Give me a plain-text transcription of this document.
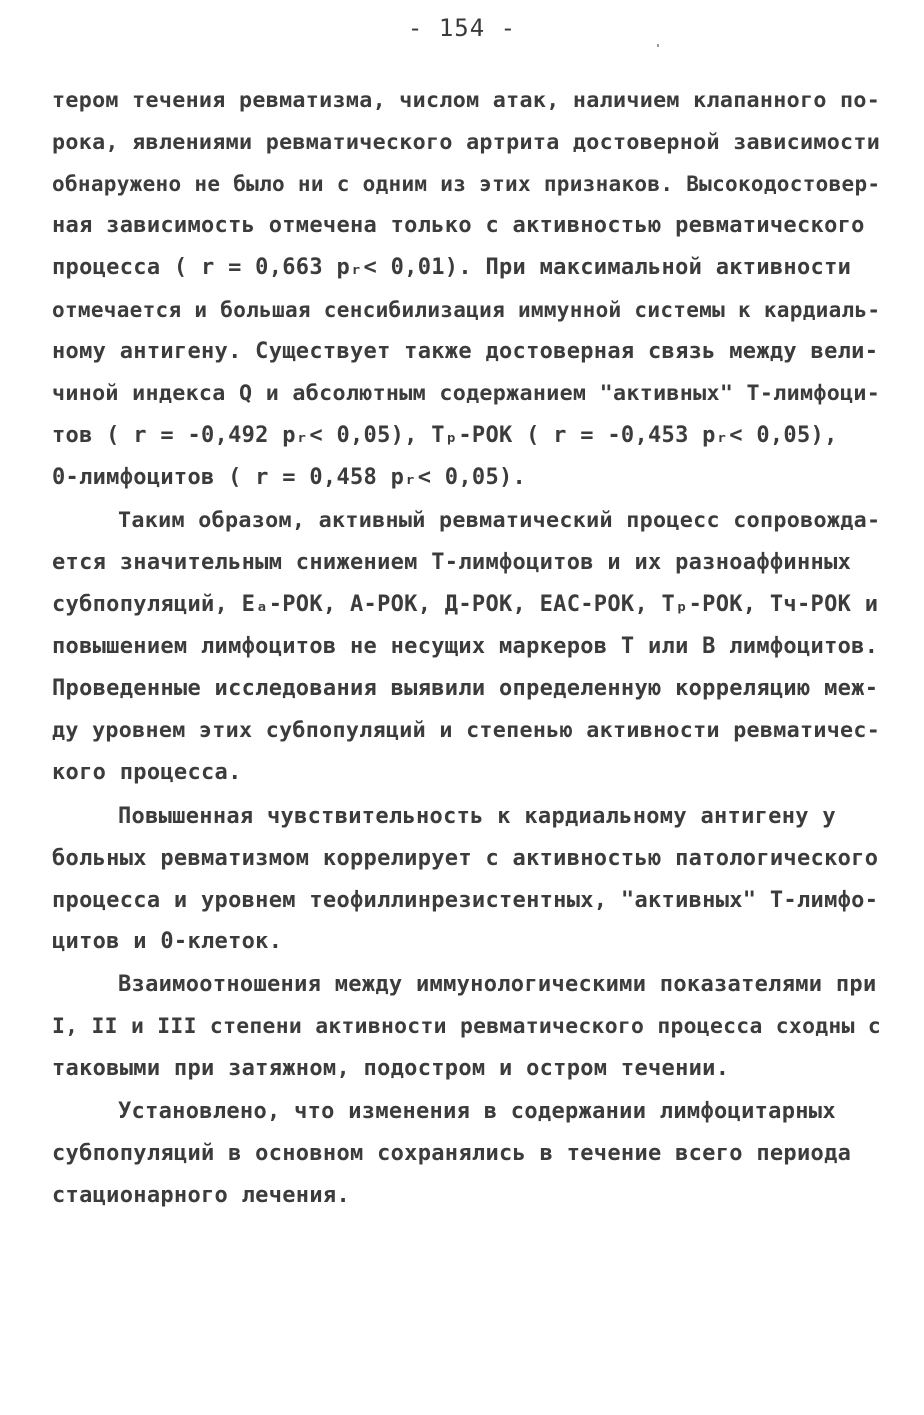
- 154 -
тером течения ревматизма, числом атак, наличием клапанного по-
рока, явлениями ревматического артрита достоверной зависимости
обнаружено не было ни с одним из этих признаков. Высокодостовер-
ная зависимость отмечена только с активностью ревматического
процесса ( r = 0,663 pᵣ< 0,01). При максимальной активности
отмечается и большая сенсибилизация иммунной системы к кардиаль-
ному антигену. Существует также достоверная связь между вели-
чиной индекса Q и абсолютным содержанием "активных" Т-лимфоци-
тов ( r = -0,492 pᵣ< 0,05), Tₚ-РОК ( r = -0,453 pᵣ< 0,05),
0-лимфоцитов ( r = 0,458 pᵣ< 0,05).
Таким образом, активный ревматический процесс сопровожда-
ется значительным снижением Т-лимфоцитов и их разноаффинных
субпопуляций, Eₐ-РОК, А-РОК, Д-РОК, ЕАС-РОК, Tₚ-РОК, Tч-РОК и
повышением лимфоцитов не несущих маркеров Т или В лимфоцитов.
Проведенные исследования выявили определенную корреляцию меж-
ду уровнем этих субпопуляций и степенью активности ревматичес-
кого процесса.
Повышенная чувствительность к кардиальному антигену у
больных ревматизмом коррелирует с активностью патологического
процесса и уровнем теофиллинрезистентных, "активных" Т-лимфо-
цитов и 0-клеток.
Взаимоотношения между иммунологическими показателями при
I, II и III степени активности ревматического процесса сходны с
таковыми при затяжном, подостром и остром течении.
Установлено, что изменения в содержании лимфоцитарных
субпопуляций в основном сохранялись в течение всего периода
стационарного лечения.
